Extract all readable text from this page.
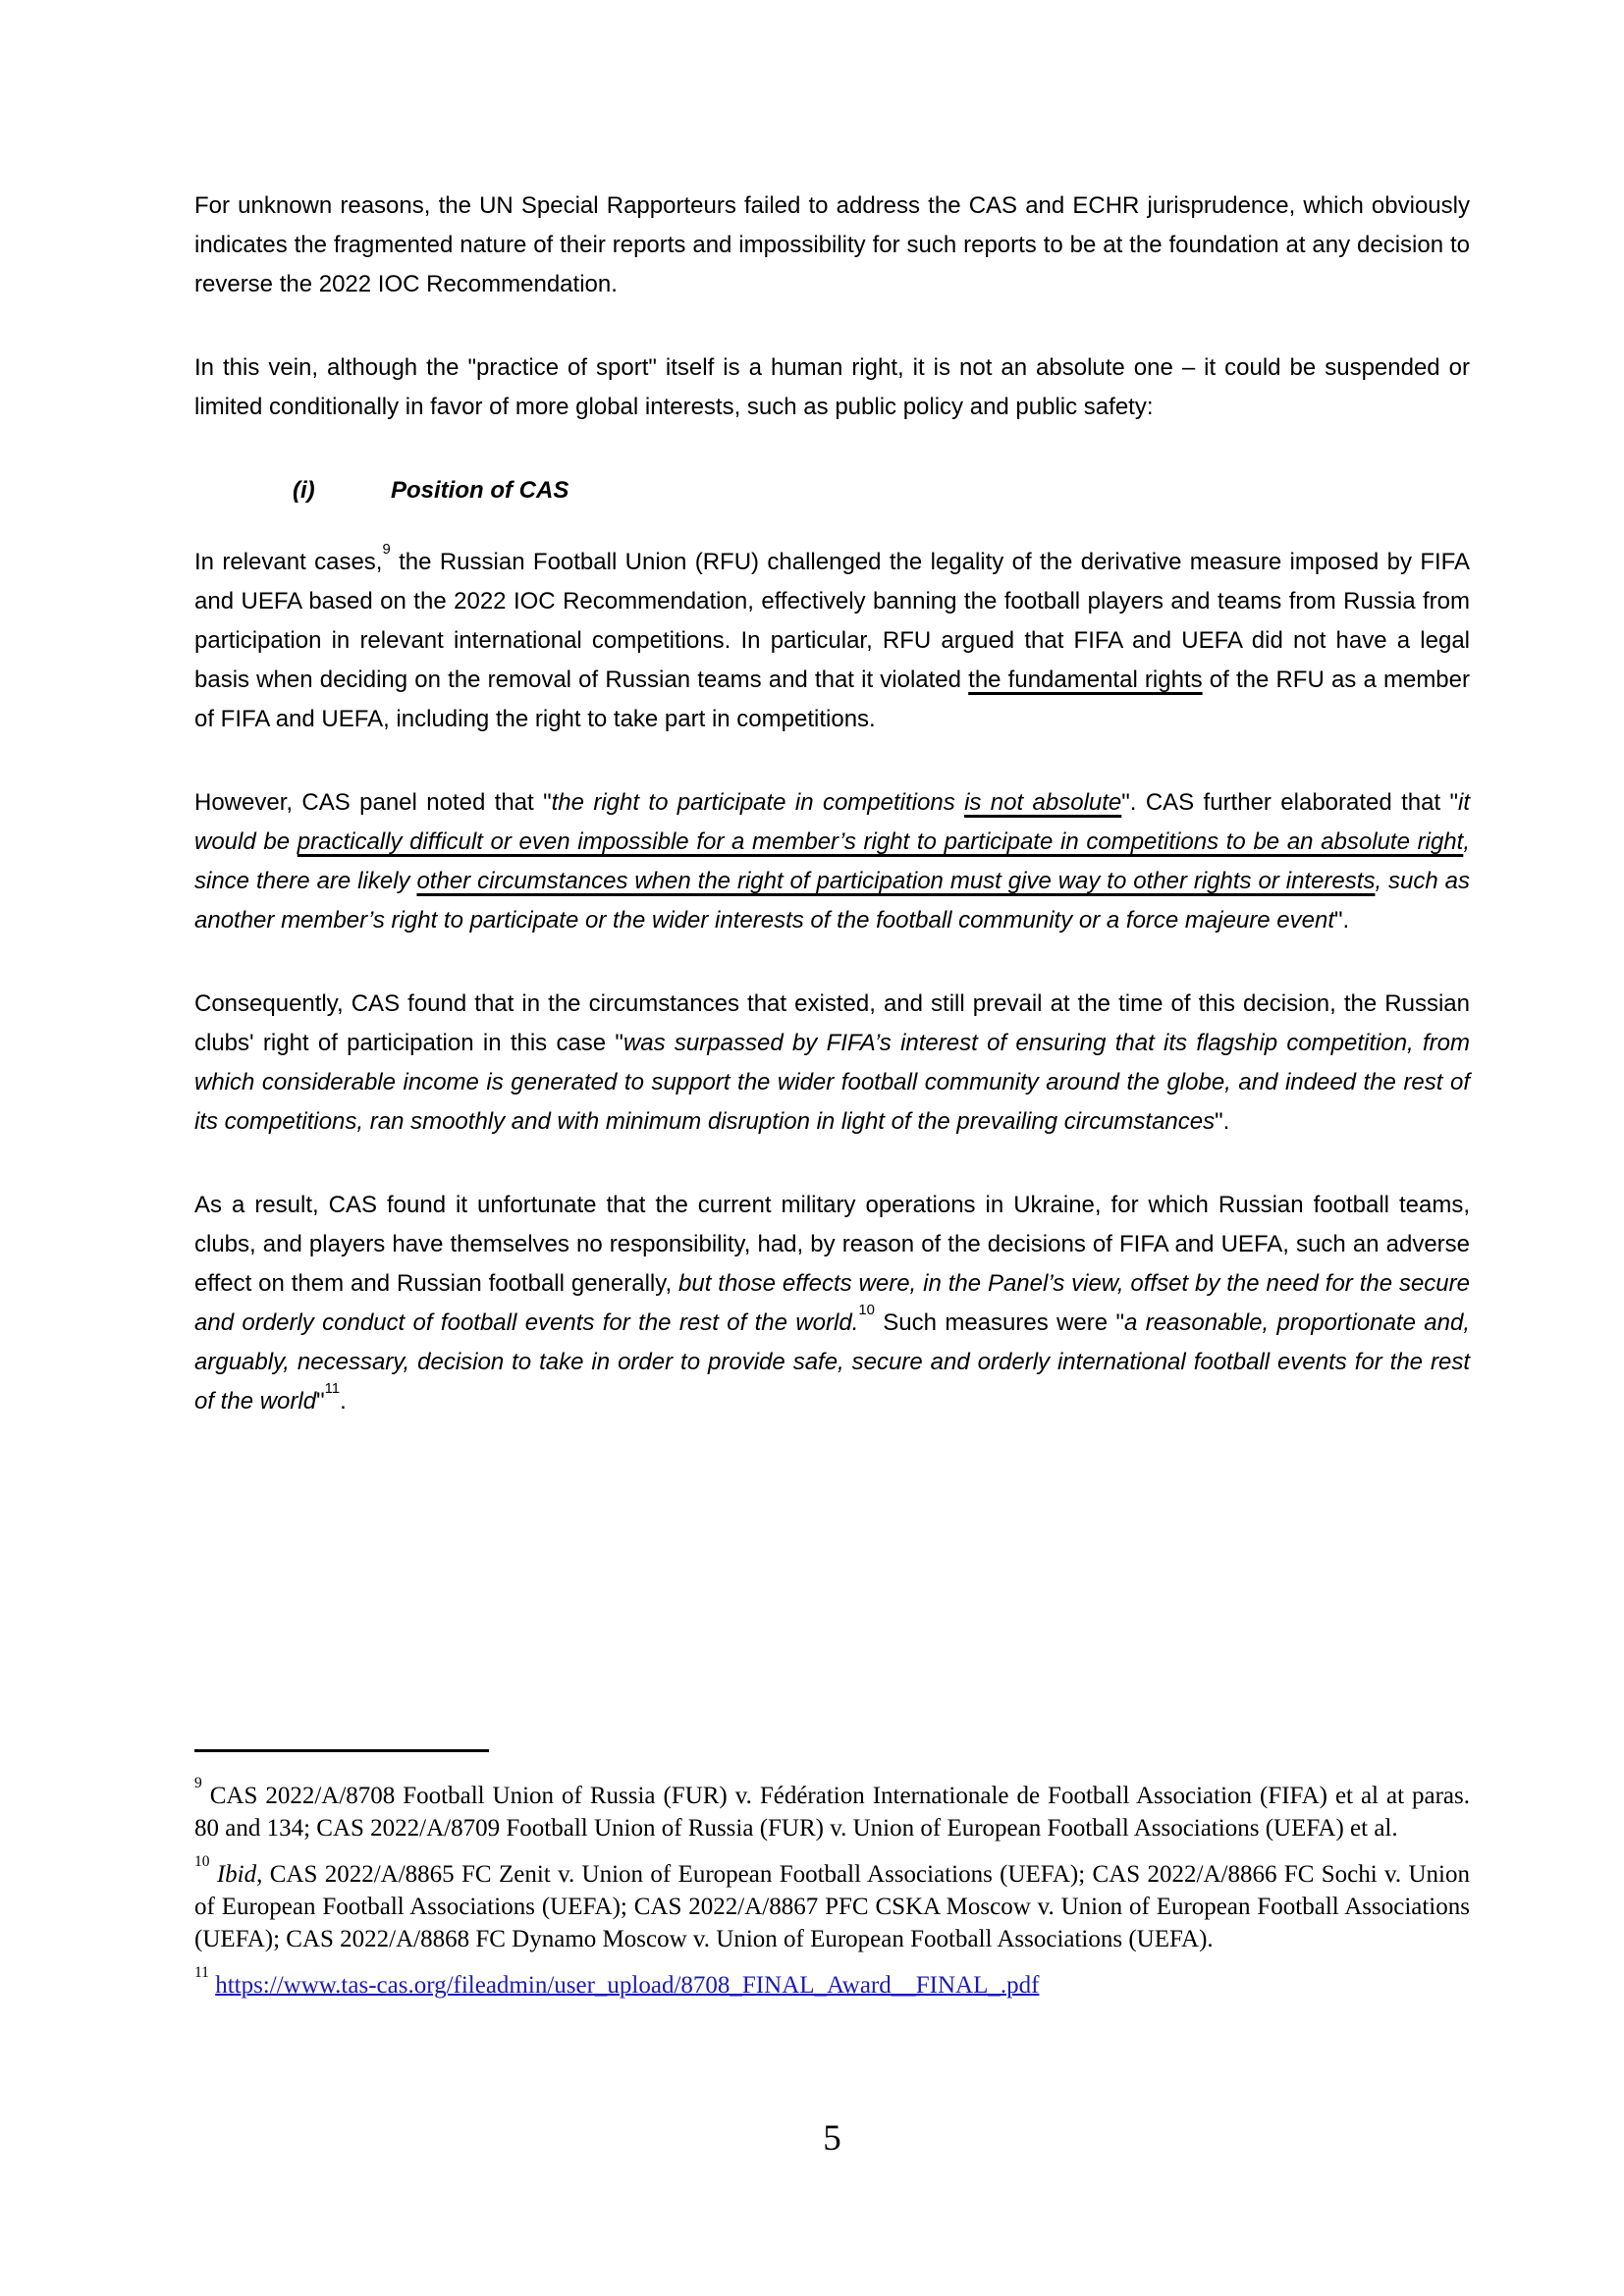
For unknown reasons, the UN Special Rapporteurs failed to address the CAS and ECHR jurisprudence, which obviously indicates the fragmented nature of their reports and impossibility for such reports to be at the foundation at any decision to reverse the 2022 IOC Recommendation.

In this vein, although the "practice of sport" itself is a human right, it is not an absolute one – it could be suspended or limited conditionally in favor of more global interests, such as public policy and public safety:

(i)	Position of CAS

In relevant cases,$^9$ the Russian Football Union (RFU) challenged the legality of the derivative measure imposed by FIFA and UEFA based on the 2022 IOC Recommendation, effectively banning the football players and teams from Russia from participation in relevant international competitions. In particular, RFU argued that FIFA and UEFA did not have a legal basis when deciding on the removal of Russian teams and that it violated the fundamental rights of the RFU as a member of FIFA and UEFA, including the right to take part in competitions.

However, CAS panel noted that "the right to participate in competitions is not absolute". CAS further elaborated that "it would be practically difficult or even impossible for a member’s right to participate in competitions to be an absolute right, since there are likely other circumstances when the right of participation must give way to other rights or interests, such as another member’s right to participate or the wider interests of the football community or a force majeure event".

Consequently, CAS found that in the circumstances that existed, and still prevail at the time of this decision, the Russian clubs' right of participation in this case "was surpassed by FIFA’s interest of ensuring that its flagship competition, from which considerable income is generated to support the wider football community around the globe, and indeed the rest of its competitions, ran smoothly and with minimum disruption in light of the prevailing circumstances".

As a result, CAS found it unfortunate that the current military operations in Ukraine, for which Russian football teams, clubs, and players have themselves no responsibility, had, by reason of the decisions of FIFA and UEFA, such an adverse effect on them and Russian football generally, but those effects were, in the Panel’s view, offset by the need for the secure and orderly conduct of football events for the rest of the world.$^{10}$ Such measures were "a reasonable, proportionate and, arguably, necessary, decision to take in order to provide safe, secure and orderly international football events for the rest of the world"$^{11}$.

$^9$ CAS 2022/A/8708 Football Union of Russia (FUR) v. Fédération Internationale de Football Association (FIFA) et al at paras. 80 and 134; CAS 2022/A/8709 Football Union of Russia (FUR) v. Union of European Football Associations (UEFA) et al.

$^{10}$ Ibid, CAS 2022/A/8865 FC Zenit v. Union of European Football Associations (UEFA); CAS 2022/A/8866 FC Sochi v. Union of European Football Associations (UEFA); CAS 2022/A/8867 PFC CSKA Moscow v. Union of European Football Associations (UEFA); CAS 2022/A/8868 FC Dynamo Moscow v. Union of European Football Associations (UEFA).

$^{11}$ https://www.tas-cas.org/fileadmin/user_upload/8708_FINAL_Award__FINAL_.pdf

5
